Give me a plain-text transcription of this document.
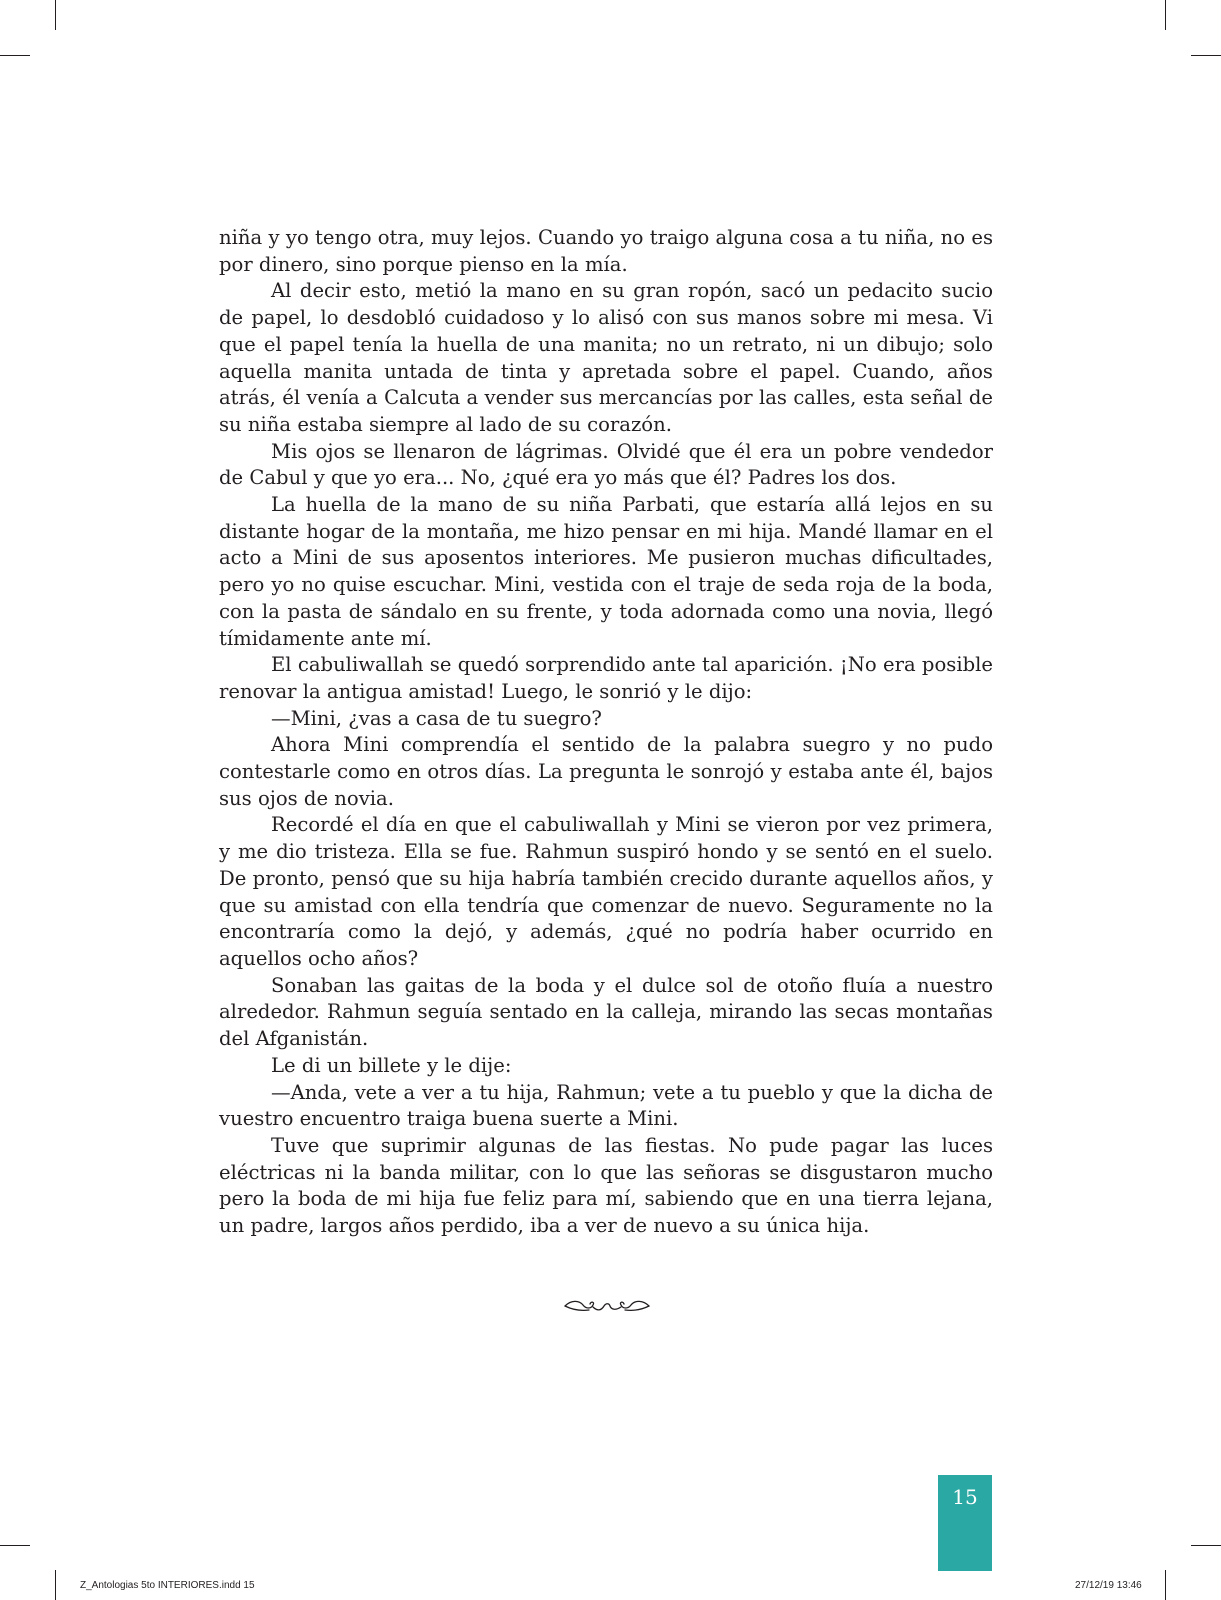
niña y yo tengo otra, muy lejos. Cuando yo traigo alguna cosa a tu niña, no es por dinero, sino porque pienso en la mía.

Al decir esto, metió la mano en su gran ropón, sacó un pedacito sucio de papel, lo desdobló cuidadoso y lo alisó con sus manos sobre mi mesa. Vi que el papel tenía la huella de una manita; no un retrato, ni un dibujo; solo aquella manita untada de tinta y apretada sobre el papel. Cuando, años atrás, él venía a Calcuta a vender sus mercancías por las calles, esta señal de su niña estaba siempre al lado de su corazón.

Mis ojos se llenaron de lágrimas. Olvidé que él era un pobre vendedor de Cabul y que yo era... No, ¿qué era yo más que él? Padres los dos.

La huella de la mano de su niña Parbati, que estaría allá lejos en su distante hogar de la montaña, me hizo pensar en mi hija. Mandé llamar en el acto a Mini de sus aposentos interiores. Me pusieron muchas dificultades, pero yo no quise escuchar. Mini, vestida con el traje de seda roja de la boda, con la pasta de sándalo en su frente, y toda adornada como una novia, llegó tímidamente ante mí.

El cabuliwallah se quedó sorprendido ante tal aparición. ¡No era posible renovar la antigua amistad! Luego, le sonrió y le dijo:

—Mini, ¿vas a casa de tu suegro?

Ahora Mini comprendía el sentido de la palabra suegro y no pudo contestarle como en otros días. La pregunta le sonrojó y estaba ante él, bajos sus ojos de novia.

Recordé el día en que el cabuliwallah y Mini se vieron por vez primera, y me dio tristeza. Ella se fue. Rahmun suspiró hondo y se sentó en el suelo. De pronto, pensó que su hija habría también crecido durante aquellos años, y que su amistad con ella tendría que comenzar de nuevo. Seguramente no la encontraría como la dejó, y además, ¿qué no podría haber ocurrido en aquellos ocho años?

Sonaban las gaitas de la boda y el dulce sol de otoño fluía a nuestro alrededor. Rahmun seguía sentado en la calleja, mirando las secas montañas del Afganistán.

Le di un billete y le dije:

—Anda, vete a ver a tu hija, Rahmun; vete a tu pueblo y que la dicha de vuestro encuentro traiga buena suerte a Mini.

Tuve que suprimir algunas de las fiestas. No pude pagar las luces eléctricas ni la banda militar, con lo que las señoras se disgustaron mucho pero la boda de mi hija fue feliz para mí, sabiendo que en una tierra lejana, un padre, largos años perdido, iba a ver de nuevo a su única hija.

15
Z_Antologias 5to INTERIORES.indd 15	27/12/19 13:46
